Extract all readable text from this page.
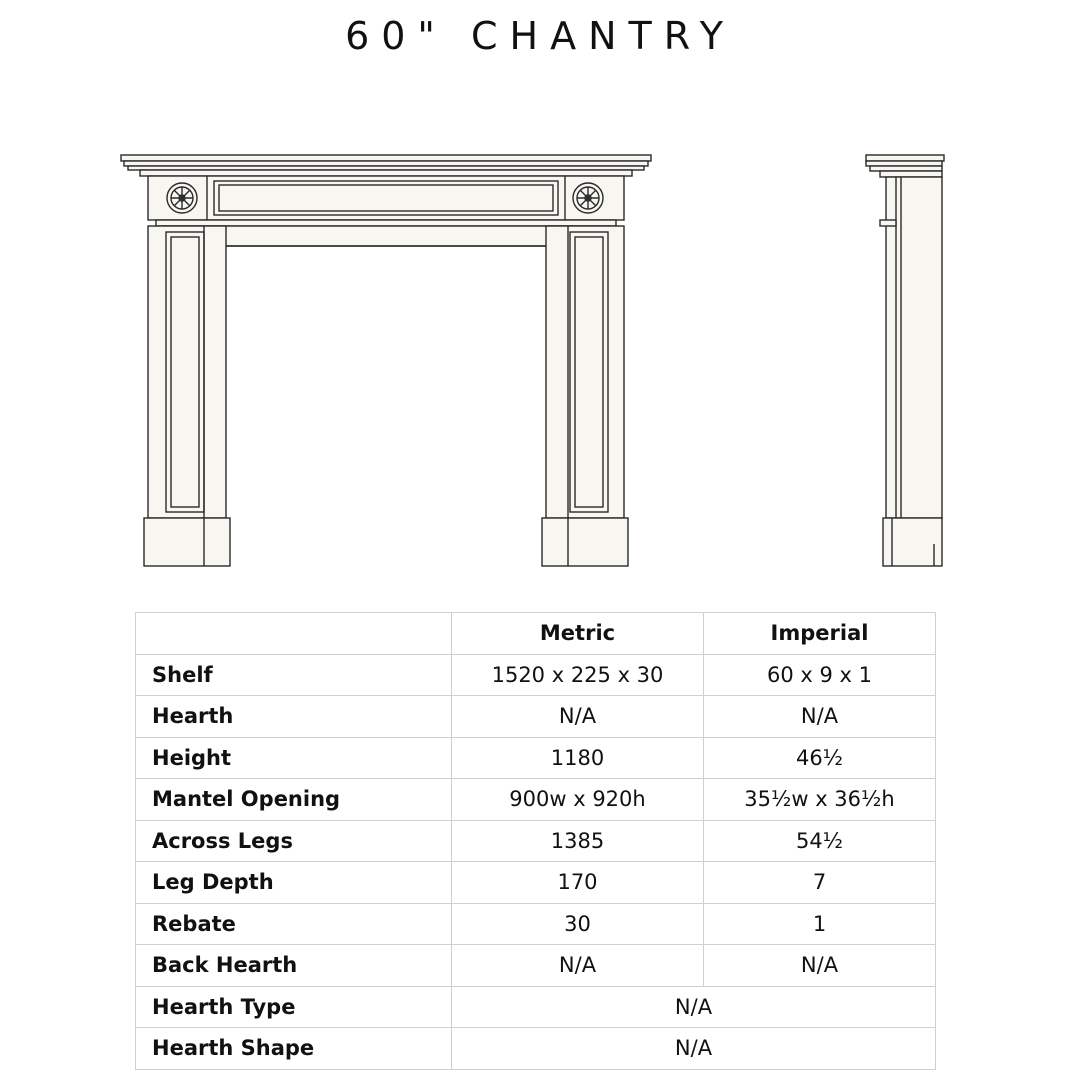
60" CHANTRY
	Metric	Imperial
Shelf	1520 x 225 x 30	60 x 9 x 1
Hearth	N/A	N/A
Height	1180	46½
Mantel Opening	900w x 920h	35½w x 36½h
Across Legs	1385	54½
Leg Depth	170	7
Rebate	30	1
Back Hearth	N/A	N/A
Hearth Type	N/A	
Hearth Shape	N/A	
